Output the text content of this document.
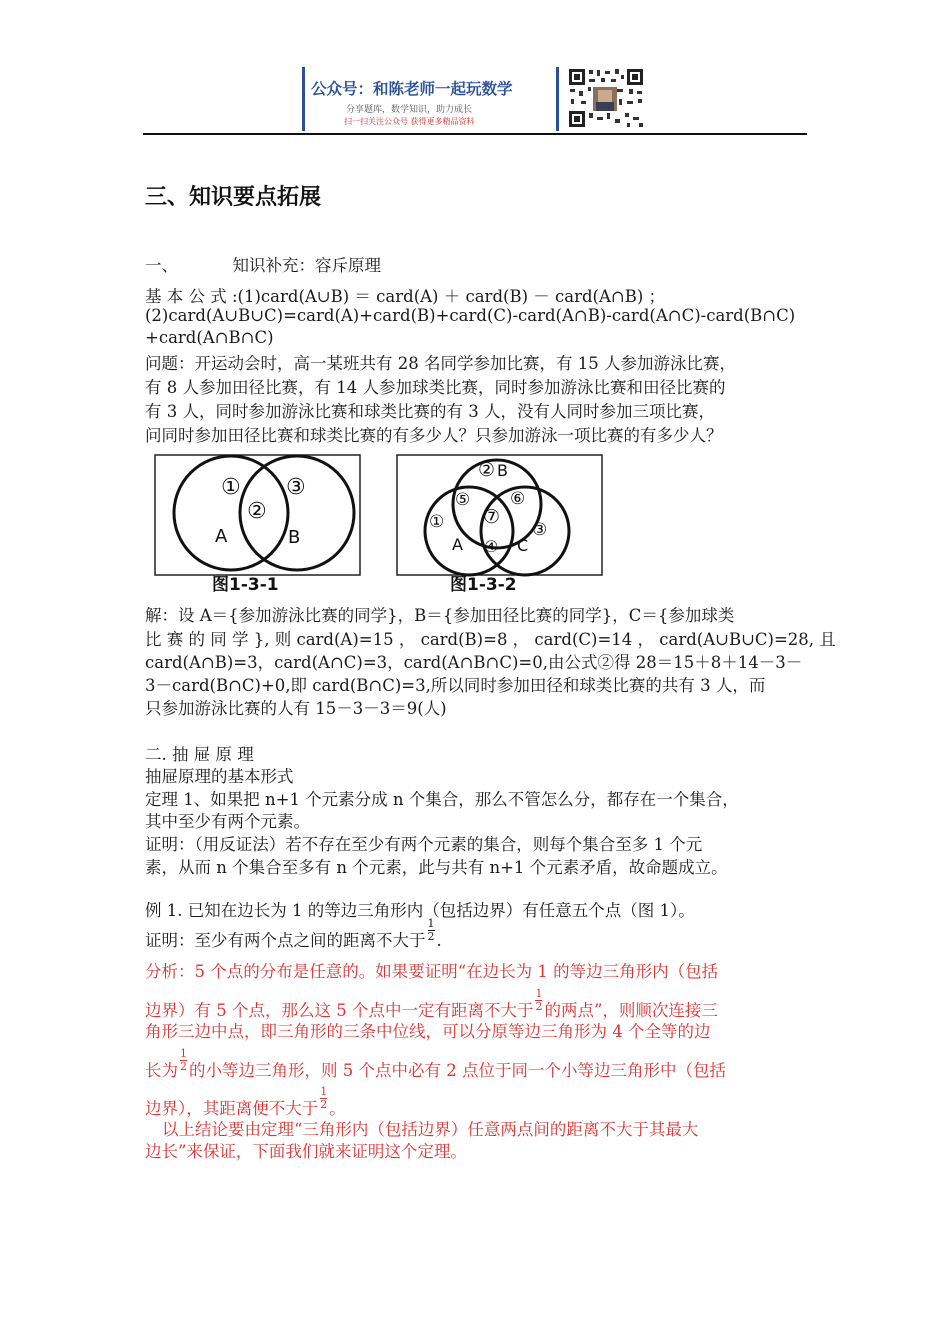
公众号：和陈老师一起玩数学
分享题库，数学知识，助力成长
扫一扫关注公众号 获得更多精品资料
三、知识要点拓展
一、	知识补充：容斥原理
基 本 公 式 :(1)card(A∪B) ＝ card(A) ＋ card(B) － card(A∩B) ；
(2)card(A∪B∪C)=card(A)+card(B)+card(C)-card(A∩B)-card(A∩C)-card(B∩C)
+card(A∩B∩C)
问题：开运动会时，高一某班共有 28 名同学参加比赛，有 15 人参加游泳比赛，
有 8 人参加田径比赛，有 14 人参加球类比赛，同时参加游泳比赛和田径比赛的
有 3 人，同时参加游泳比赛和球类比赛的有 3 人，没有人同时参加三项比赛，
问同时参加田径比赛和球类比赛的有多少人？只参加游泳一项比赛的有多少人？
①
②
③
A	B
图1-3-1
② B
⑤ ⑥
⑦
①	③
A ④ C
图1-3-2
解：设 A＝{参加游泳比赛的同学}，B＝{参加田径比赛的同学}，C＝{参加球类
比 赛 的 同 学 }, 则 card(A)=15 ， card(B)=8 ， card(C)=14 ， card(A∪B∪C)=28, 且
card(A∩B)=3，card(A∩C)=3，card(A∩B∩C)=0,由公式②得 28＝15＋8＋14－3－
3－card(B∩C)+0,即 card(B∩C)=3,所以同时参加田径和球类比赛的共有 3 人，而
只参加游泳比赛的人有 15－3－3＝9(人)
二. 抽 屉 原 理
抽屉原理的基本形式
定理 1、如果把 n+1 个元素分成 n 个集合，那么不管怎么分，都存在一个集合，
其中至少有两个元素。
证明：（用反证法）若不存在至少有两个元素的集合，则每个集合至多 1 个元
素，从而 n 个集合至多有 n 个元素，此与共有 n+1 个元素矛盾，故命题成立。
例 1. 已知在边长为 1 的等边三角形内（包括边界）有任意五个点（图 1）。
证明：至少有两个点之间的距离不大于 $\frac{1}{2}$ .
分析：5 个点的分布是任意的。如果要证明“在边长为 1 的等边三角形内（包括
边界）有 5 个点，那么这 5 个点中一定有距离不大于 $\frac{1}{2}$ 的两点”，则顺次连接三
角形三边中点，即三角形的三条中位线，可以分原等边三角形为 4 个全等的边
长为 $\frac{1}{2}$ 的小等边三角形，则 5 个点中必有 2 点位于同一个小等边三角形中（包括
边界），其距离便不大于 $\frac{1}{2}$ 。
以上结论要由定理“三角形内（包括边界）任意两点间的距离不大于其最大
边长”来保证，下面我们就来证明这个定理。
